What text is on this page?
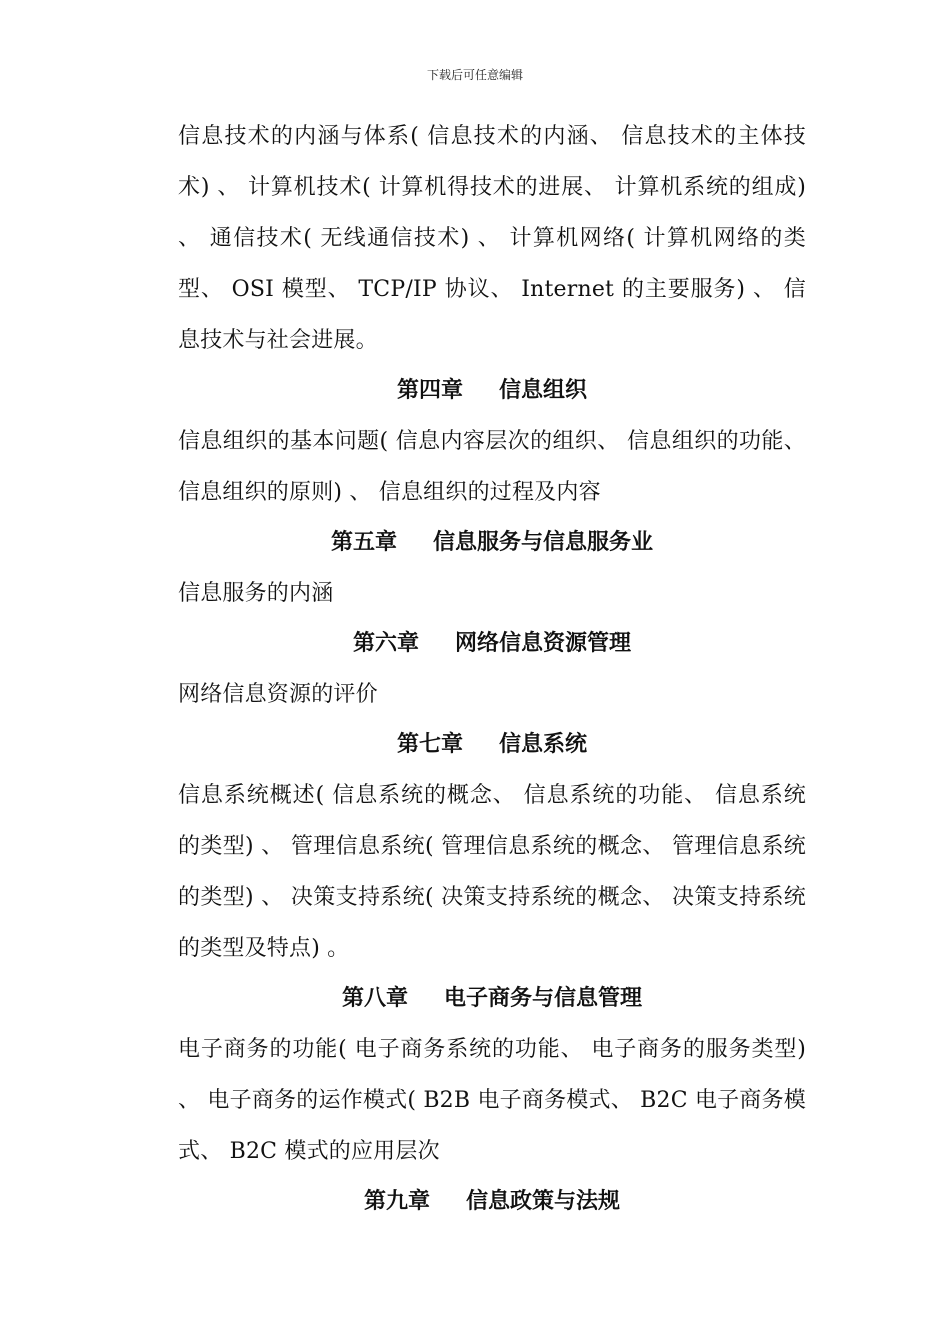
下载后可任意编辑

信息技术的内涵与体系( 信息技术的内涵、 信息技术的主体技术) 、 计算机技术( 计算机得技术的进展、 计算机系统的组成) 、 通信技术( 无线通信技术) 、 计算机网络( 计算机网络的类型、 OSI 模型、 TCP/IP 协议、 Internet 的主要服务) 、 信息技术与社会进展。

第四章 信息组织

信息组织的基本问题( 信息内容层次的组织、 信息组织的功能、 信息组织的原则) 、 信息组织的过程及内容

第五章 信息服务与信息服务业

信息服务的内涵

第六章 网络信息资源管理

网络信息资源的评价

第七章 信息系统

信息系统概述( 信息系统的概念、 信息系统的功能、 信息系统的类型) 、 管理信息系统( 管理信息系统的概念、 管理信息系统的类型) 、 决策支持系统( 决策支持系统的概念、 决策支持系统的类型及特点) 。

第八章 电子商务与信息管理

电子商务的功能( 电子商务系统的功能、 电子商务的服务类型) 、 电子商务的运作模式( B2B 电子商务模式、 B2C 电子商务模式、 B2C 模式的应用层次

第九章 信息政策与法规
